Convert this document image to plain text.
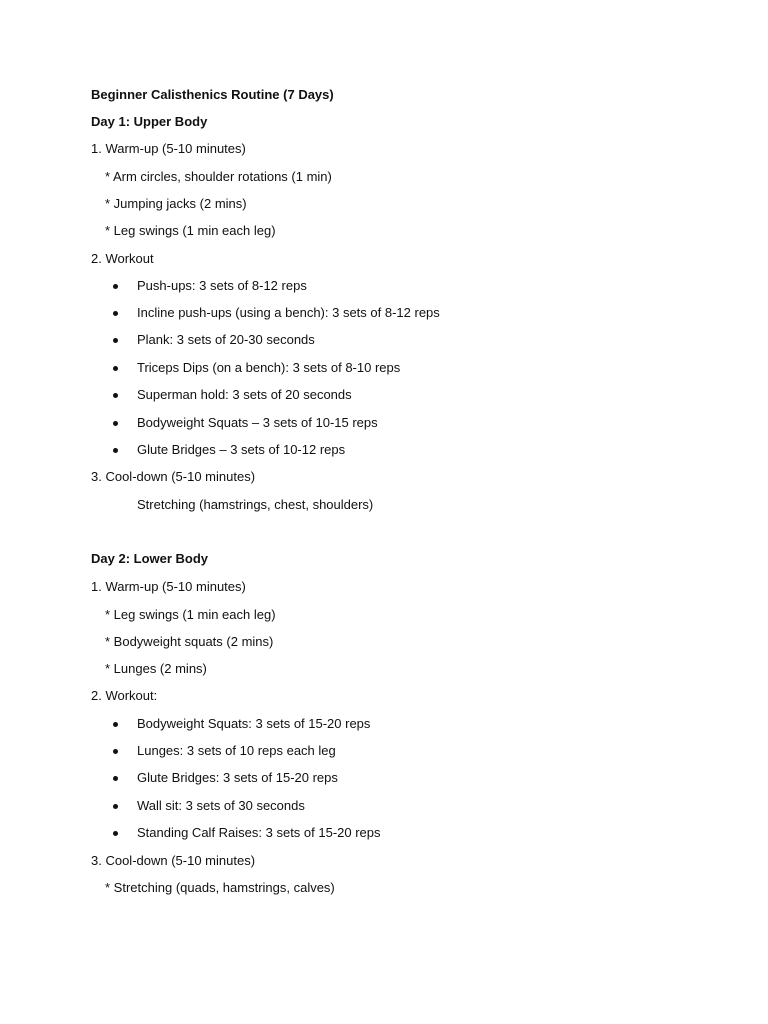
Beginner Calisthenics Routine (7 Days)
Day 1: Upper Body
1. Warm-up (5-10 minutes)
* Arm circles, shoulder rotations (1 min)
* Jumping jacks (2 mins)
* Leg swings (1 min each leg)
2. Workout
Push-ups: 3 sets of 8-12 reps
Incline push-ups (using a bench): 3 sets of 8-12 reps
Plank: 3 sets of 20-30 seconds
Triceps Dips (on a bench): 3 sets of 8-10 reps
Superman hold: 3 sets of 20 seconds
Bodyweight Squats – 3 sets of 10-15 reps
Glute Bridges – 3 sets of 10-12 reps
3. Cool-down (5-10 minutes)
Stretching (hamstrings, chest, shoulders)
Day 2: Lower Body
1. Warm-up (5-10 minutes)
* Leg swings (1 min each leg)
* Bodyweight squats (2 mins)
* Lunges (2 mins)
2. Workout:
Bodyweight Squats: 3 sets of 15-20 reps
Lunges: 3 sets of 10 reps each leg
Glute Bridges: 3 sets of 15-20 reps
Wall sit: 3 sets of 30 seconds
Standing Calf Raises: 3 sets of 15-20 reps
3. Cool-down (5-10 minutes)
* Stretching (quads, hamstrings, calves)
